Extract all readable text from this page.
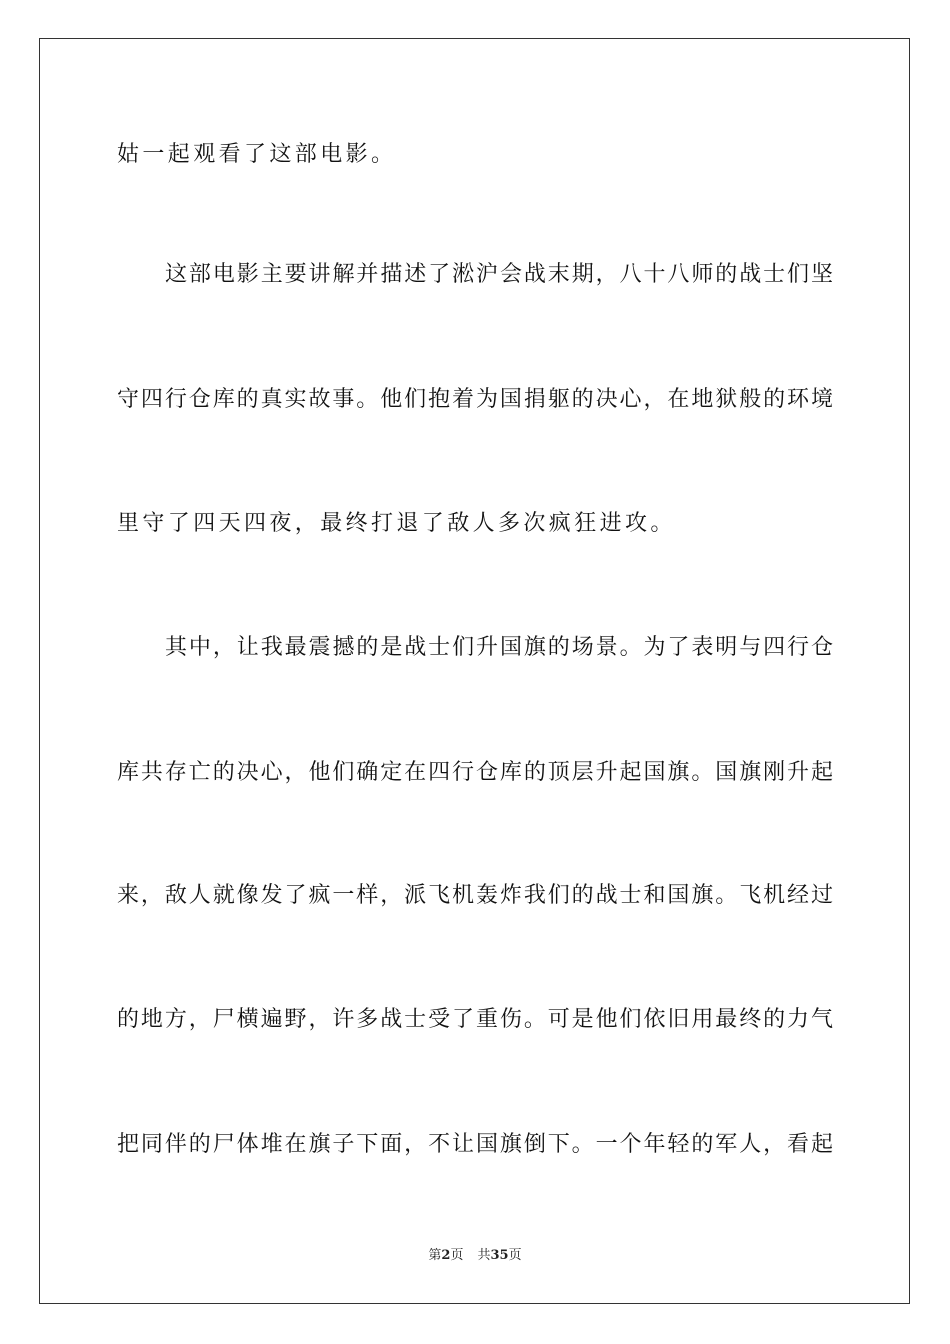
姑一起观看了这部电影。
这部电影主要讲解并描述了淞沪会战末期，八十八师的战士们坚
守四行仓库的真实故事。他们抱着为国捐躯的决心，在地狱般的环境
里守了四天四夜，最终打退了敌人多次疯狂进攻。
其中，让我最震撼的是战士们升国旗的场景。为了表明与四行仓
库共存亡的决心，他们确定在四行仓库的顶层升起国旗。国旗刚升起
来，敌人就像发了疯一样，派飞机轰炸我们的战士和国旗。飞机经过
的地方，尸横遍野，许多战士受了重伤。可是他们依旧用最终的力气
把同伴的尸体堆在旗子下面，不让国旗倒下。一个年轻的军人，看起
第2页 共35页
